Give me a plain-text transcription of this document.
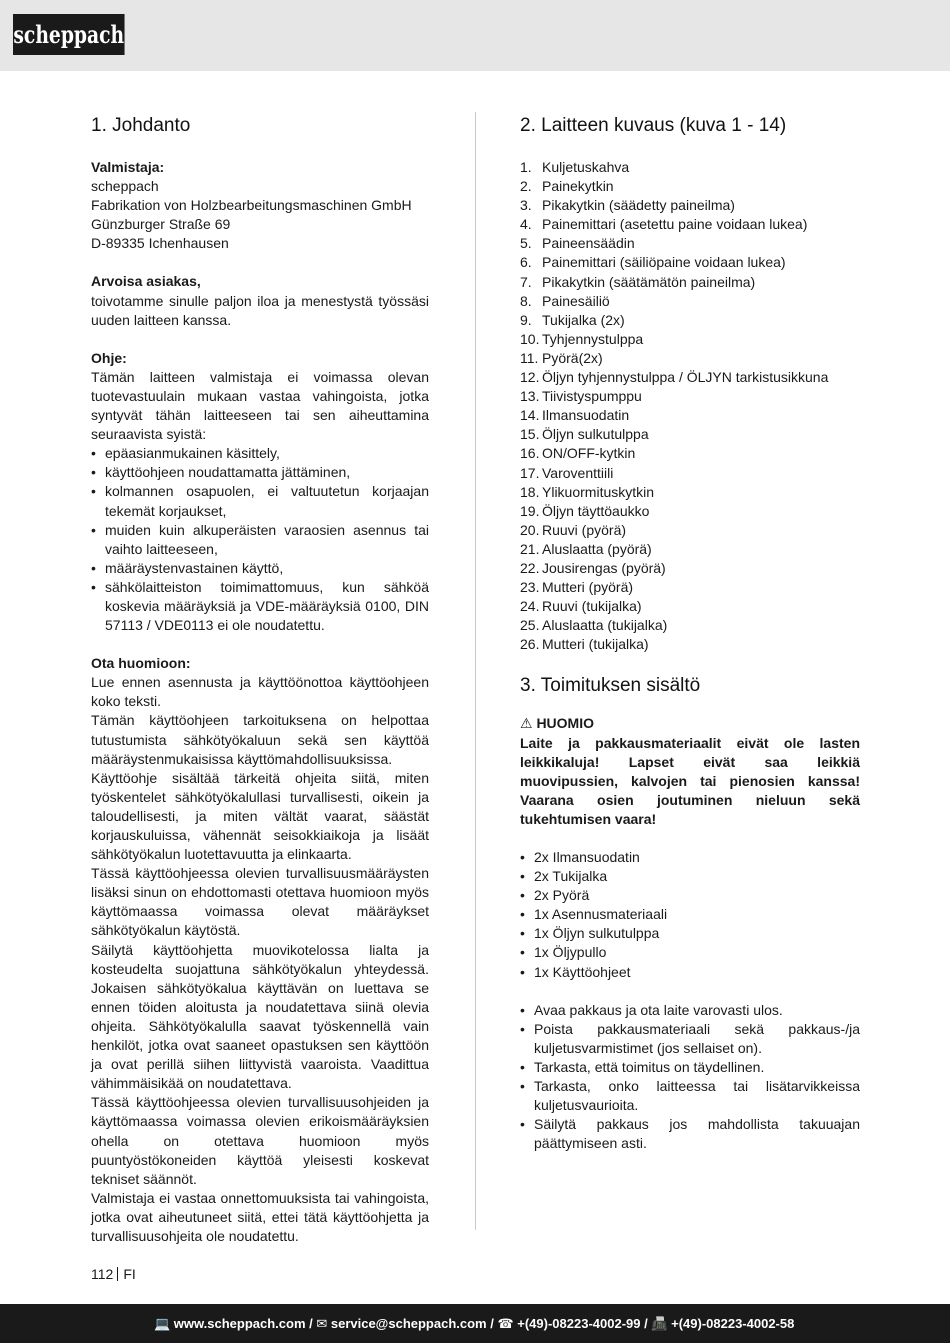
scheppach
1. Johdanto

Valmistaja:

scheppach

Fabrikation von Holzbearbeitungsmaschinen GmbH

Günzburger Straße 69

D-89335 Ichenhausen

Arvoisa asiakas,

toivotamme sinulle paljon iloa ja menestystä työssäsi uuden laitteen kanssa.

Ohje:

Tämän laitteen valmistaja ei voimassa olevan tuotevastuulain mukaan vastaa vahingoista, jotka syntyvät tähän laitteeseen tai sen aiheuttamina seuraavista syistä:

• epäasianmukainen käsittely,
• käyttöohjeen noudattamatta jättäminen,
• kolmannen osapuolen, ei valtuutetun korjaajan tekemät korjaukset,
• muiden kuin alkuperäisten varaosien asennus tai vaihto laitteeseen,
• määräystenvastainen käyttö,
• sähkölaitteiston toimimattomuus, kun sähköä koskevia määräyksiä ja VDE-määräyksiä 0100, DIN 57113 / VDE0113 ei ole noudatettu.

Ota huomioon:

Lue ennen asennusta ja käyttöönottoa käyttöohjeen koko teksti.

Tämän käyttöohjeen tarkoituksena on helpottaa tutustumista sähkötyökaluun sekä sen käyttöä määräystenmukaisissa käyttömahdollisuuksissa.

Käyttöohje sisältää tärkeitä ohjeita siitä, miten työskentelet sähkötyökalullasi turvallisesti, oikein ja taloudellisesti, ja miten vältät vaarat, säästät korjauskuluissa, vähennät seisokkiaikoja ja lisäät sähkötyökalun luotettavuutta ja elinkaarta.

Tässä käyttöohjeessa olevien turvallisuusmääräysten lisäksi sinun on ehdottomasti otettava huomioon myös käyttömaassa voimassa olevat määräykset sähkötyökalun käytöstä.

Säilytä käyttöohjetta muovikotelossa lialta ja kosteudelta suojattuna sähkötyökalun yhteydessä. Jokaisen sähkötyökalua käyttävän on luettava se ennen töiden aloitusta ja noudatettava siinä olevia ohjeita. Sähkötyökalulla saavat työskennellä vain henkilöt, jotka ovat saaneet opastuksen sen käyttöön ja ovat perillä siihen liittyvistä vaaroista. Vaadittua vähimmäisikää on noudatettava.

Tässä käyttöohjeessa olevien turvallisuusohjeiden ja käyttömaassa voimassa olevien erikoismääräyksien ohella on otettava huomioon myös puuntyöstökoneiden käyttöä yleisesti koskevat tekniset säännöt.

Valmistaja ei vastaa onnettomuuksista tai vahingoista, jotka ovat aiheutuneet siitä, ettei tätä käyttöohjetta ja turvallisuusohjeita ole noudatettu.

2. Laitteen kuvaus (kuva 1 - 14)
1. Kuljetuskahva
2. Painekytkin
3. Pikakytkin (säädetty paineilma)
4. Painemittari (asetettu paine voidaan lukea)
5. Paineensäädin
6. Painemittari (säiliöpaine voidaan lukea)
7. Pikakytkin (säätämätön paineilma)
8. Painesäiliö
9. Tukijalka (2x)
10. Tyhjennystulppa
11. Pyörä(2x)
12. Öljyn tyhjennystulppa / ÖLJYN tarkistusikkuna
13. Tiivistyspumppu
14. Ilmansuodatin
15. Öljyn sulkutulppa
16. ON/OFF-kytkin
17. Varoventtiili
18. Ylikuormituskytkin
19. Öljyn täyttöaukko
20. Ruuvi (pyörä)
21. Aluslaatta (pyörä)
22. Jousirengas (pyörä)
23. Mutteri (pyörä)
24. Ruuvi (tukijalka)
25. Aluslaatta (tukijalka)
26. Mutteri (tukijalka)
3. Toimituksen sisältö

⚠ HUOMIO

Laite ja pakkausmateriaalit eivät ole lasten leikkikaluja! Lapset eivät saa leikkiä muovipussien, kalvojen tai pienosien kanssa! Vaarana osien joutuminen nieluun sekä tukehtumisen vaara!

• 2x Ilmansuodatin
• 2x Tukijalka
• 2x Pyörä
• 1x Asennusmateriaali
• 1x Öljyn sulkutulppa
• 1x Öljypullo
• 1x Käyttöohjeet
• Avaa pakkaus ja ota laite varovasti ulos.
• Poista pakkausmateriaali sekä pakkaus-/ja kuljetusvarmistimet (jos sellaiset on).
• Tarkasta, että toimitus on täydellinen.
• Tarkasta, onko laitteessa tai lisätarvikkeissa kuljetusvaurioita.
• Säilytä pakkaus jos mahdollista takuuajan päättymiseen asti.
112 FI
💻 www.scheppach.com / ✉ service@scheppach.com / ☎ +(49)-08223-4002-99 / 📠 +(49)-08223-4002-58
